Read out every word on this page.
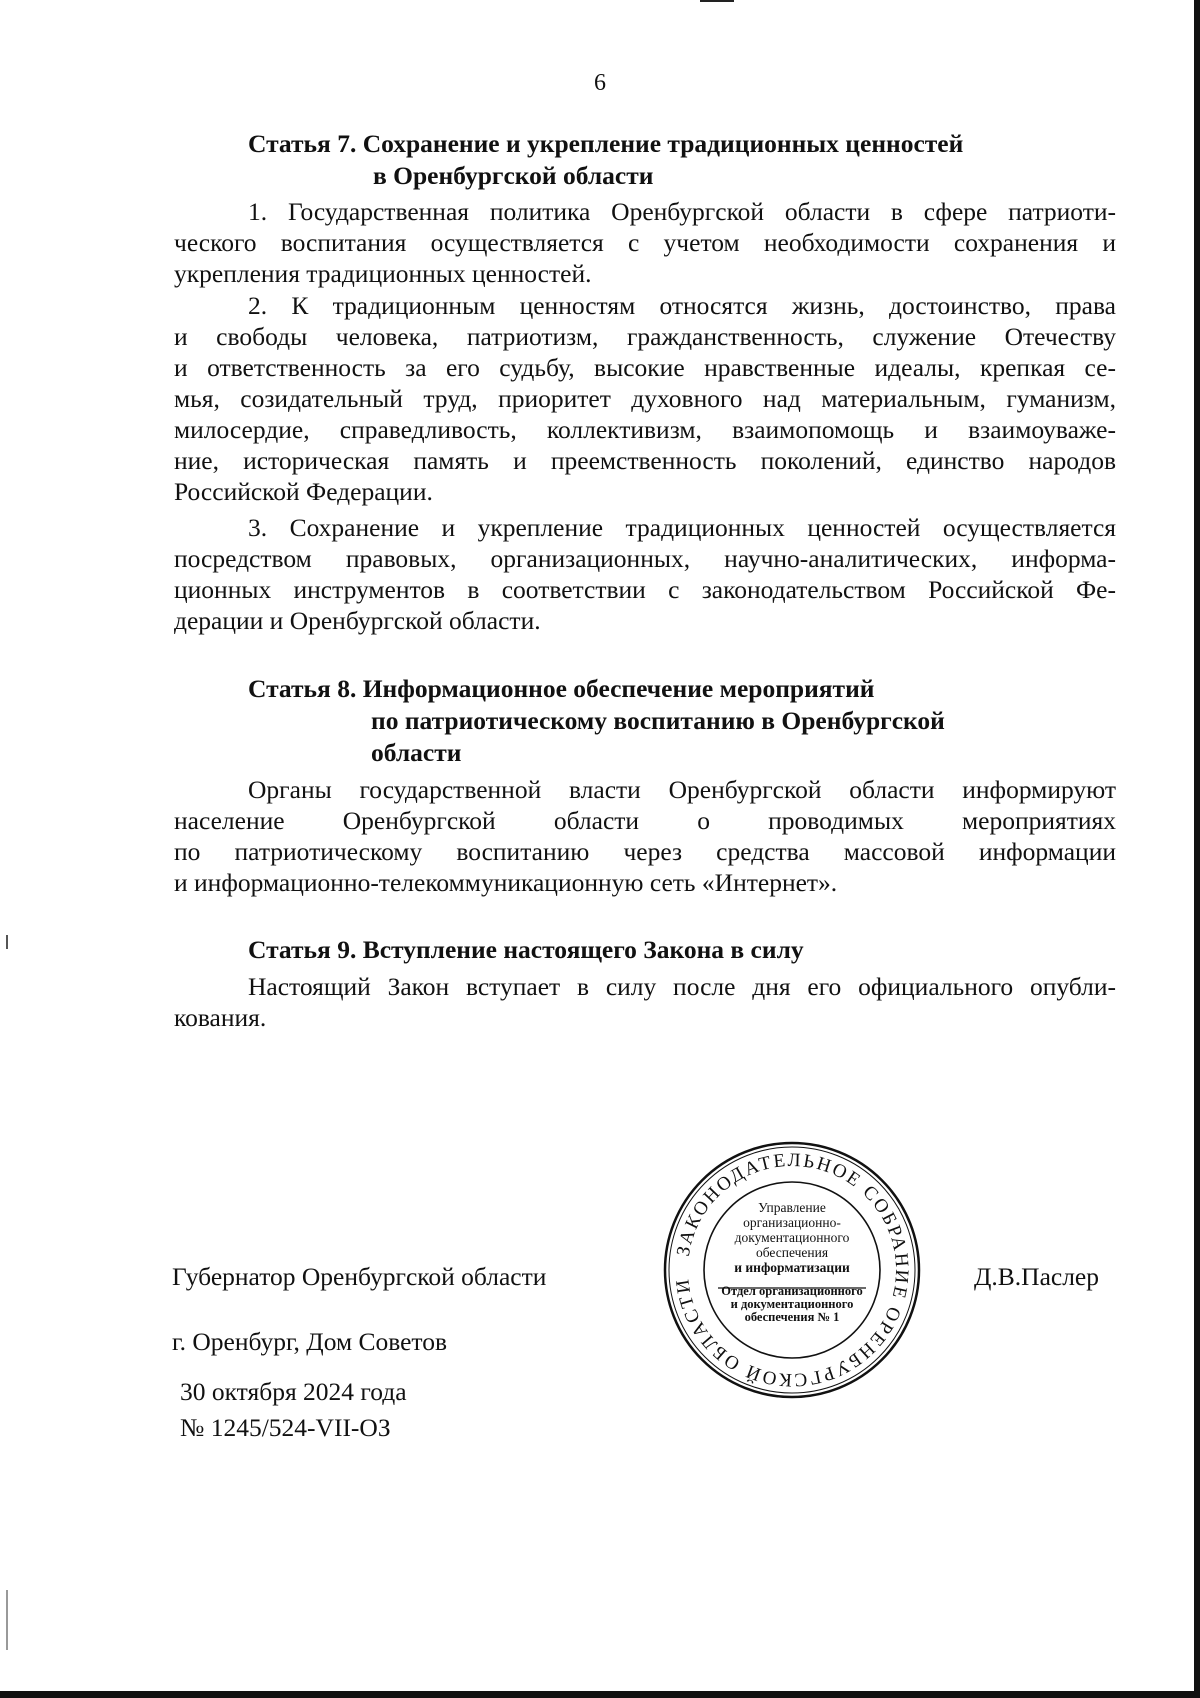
6
Статья 7. Сохранение и укрепление традиционных ценностей
в Оренбургской области
1. Государственная политика Оренбургской области в сфере патриоти-
ческого воспитания осуществляется с учетом необходимости сохранения и
укрепления традиционных ценностей.
2. К традиционным ценностям относятся жизнь, достоинство, права
и свободы человека, патриотизм, гражданственность, служение Отечеству
и ответственность за его судьбу, высокие нравственные идеалы, крепкая се-
мья, созидательный труд, приоритет духовного над материальным, гуманизм,
милосердие, справедливость, коллективизм, взаимопомощь и взаимоуваже-
ние, историческая память и преемственность поколений, единство народов
Российской Федерации.
3. Сохранение и укрепление традиционных ценностей осуществляется
посредством правовых, организационных, научно-аналитических, информа-
ционных инструментов в соответствии с законодательством Российской Фе-
дерации и Оренбургской области.
Статья 8. Информационное обеспечение мероприятий
по патриотическому воспитанию в Оренбургской
области
Органы государственной власти Оренбургской области информируют
население Оренбургской области о проводимых мероприятиях
по патриотическому воспитанию через средства массовой информации
и информационно-телекоммуникационную сеть «Интернет».
Статья 9. Вступление настоящего Закона в силу
Настоящий Закон вступает в силу после дня его официального опубли-
кования.
Губернатор Оренбургской области	Д.В.Паслер
г. Оренбург, Дом Советов
30 октября 2024 года
№ 1245/524-VII-ОЗ
ЗАКОНОДАТЕЛЬНОЕ СОБРАНИЕ ОРЕНБУРГСКОЙ ОБЛАСТИ
Управление
организационно-
документационного
обеспечения
и информатизации
Отдел организационного
и документационного
обеспечения № 1
